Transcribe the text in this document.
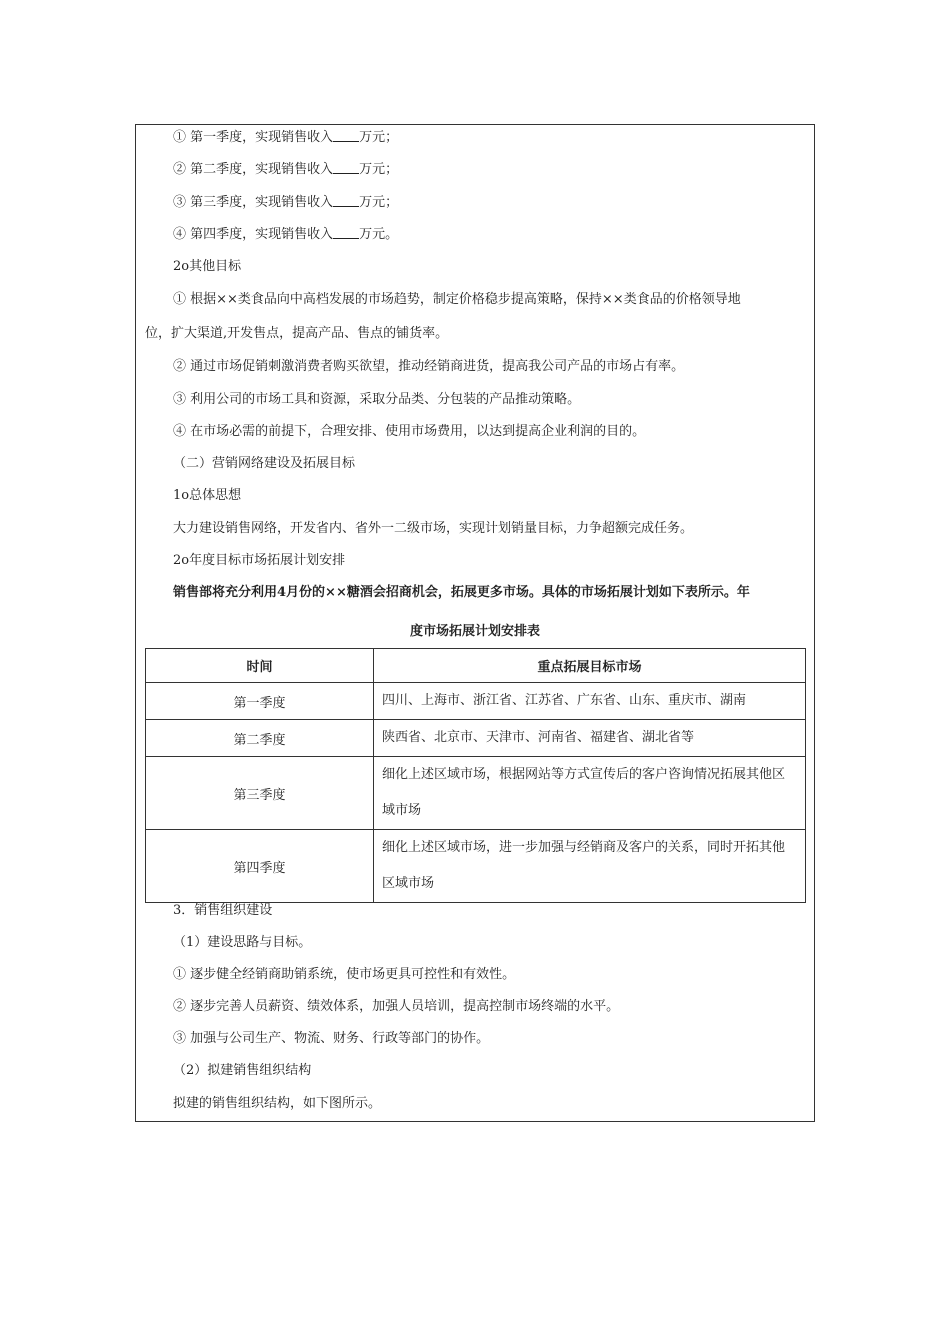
① 第一季度，实现销售收入 万元；
② 第二季度，实现销售收入 万元；
③ 第三季度，实现销售收入 万元；
④ 第四季度，实现销售收入 万元。
2o其他目标
① 根据××类食品向中高档发展的市场趋势，制定价格稳步提高策略，保持××类食品的价格领导地
位，扩大渠道,开发售点，提高产品、售点的铺货率。
② 通过市场促销刺激消费者购买欲望，推动经销商进货，提高我公司产品的市场占有率。
③ 利用公司的市场工具和资源，采取分品类、分包装的产品推动策略。
④ 在市场必需的前提下，合理安排、使用市场费用，以达到提高企业利润的目的。
（二）营销网络建设及拓展目标
1o总体思想
大力建设销售网络，开发省内、省外一二级市场，实现计划销量目标，力争超额完成任务。
2o年度目标市场拓展计划安排
销售部将充分利用4月份的××糖酒会招商机会，拓展更多市场。具体的市场拓展计划如下表所示。年
度市场拓展计划安排表
时间	重点拓展目标市场
第一季度	四川、上海市、浙江省、江苏省、广东省、山东、重庆市、湖南
第二季度	陕西省、北京市、天津市、河南省、福建省、湖北省等
第三季度	细化上述区域市场，根据网站等方式宣传后的客户咨询情况拓展其他区域市场
第四季度	细化上述区域市场，进一步加强与经销商及客户的关系，同时开拓其他区域市场
3．销售组织建设
（1）建设思路与目标。
① 逐步健全经销商助销系统，使市场更具可控性和有效性。
② 逐步完善人员薪资、绩效体系，加强人员培训，提高控制市场终端的水平。
③ 加强与公司生产、物流、财务、行政等部门的协作。
（2）拟建销售组织结构
拟建的销售组织结构，如下图所示。
